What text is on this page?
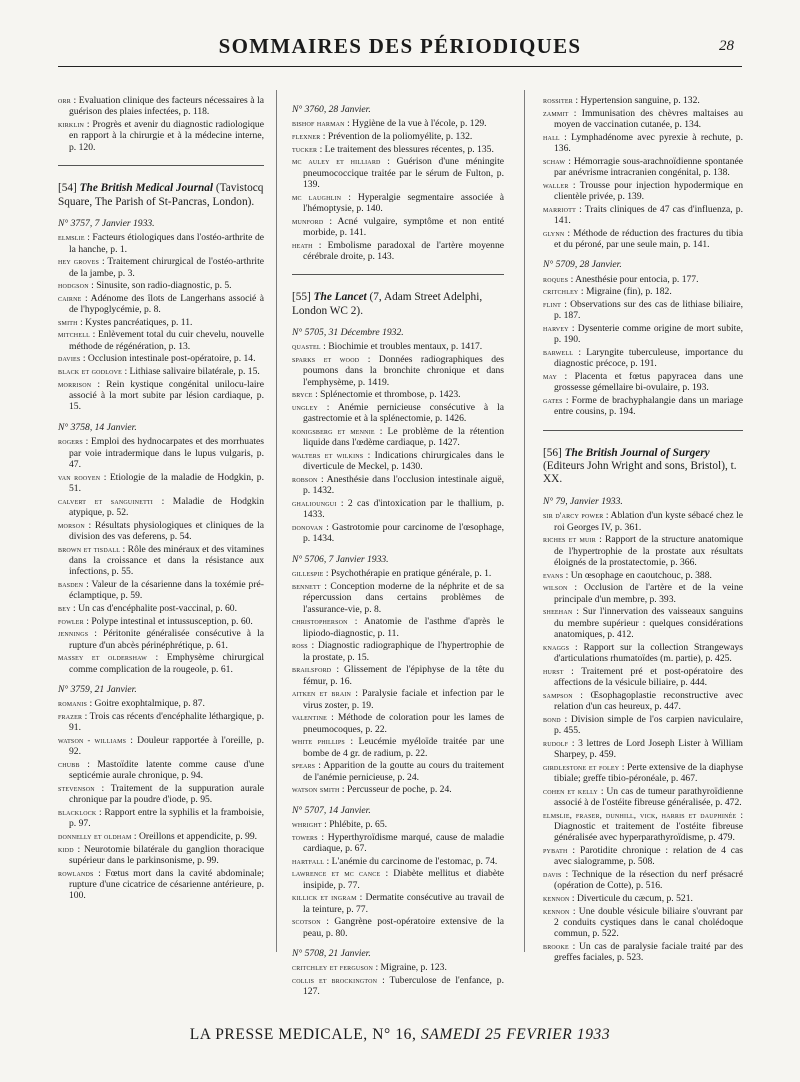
SOMMAIRES DES PÉRIODIQUES	28
orr : Evaluation clinique des facteurs nécessaires à la guérison des plaies infectées, p. 118.
kirklin : Progrès et avenir du diagnostic radiologique en rapport à la chirurgie et à la médecine interne, p. 120.
[54] The British Medical Journal (Tavistocq Square, The Parish of St-Pancras, London).
N° 3757, 7 Janvier 1933.
elmslie : Facteurs étiologiques dans l'ostéo-arthrite de la hanche, p. 1.
hey groves : Traitement chirurgical de l'ostéo-arthrite de la jambe, p. 3.
hodgson : Sinusite, son radio-diagnostic, p. 5.
cairne : Adénome des îlots de Langerhans associé à de l'hypoglycémie, p. 8.
smith : Kystes pancréatiques, p. 11.
mitchell : Enlèvement total du cuir chevelu, nouvelle méthode de régénération, p. 13.
davies : Occlusion intestinale post-opératoire, p. 14.
black et godlove : Lithiase salivaire bilatérale, p. 15.
morrison : Rein kystique congénital unilocu-laire associé à la mort subite par lésion cardiaque, p. 15.
N° 3758, 14 Janvier.
rogers : Emploi des hydnocarpates et des morrhuates par voie intradermique dans le lupus vulgaris, p. 47.
van rooyen : Etiologie de la maladie de Hodgkin, p. 51.
calvert et sanguinetti : Maladie de Hodgkin atypique, p. 52.
morson : Résultats physiologiques et cliniques de la division des vas deferens, p. 54.
brown et tisdall : Rôle des minéraux et des vitamines dans la croissance et dans la résistance aux infections, p. 55.
basden : Valeur de la césarienne dans la toxémie pré-éclamptique, p. 59.
bey : Un cas d'encéphalite post-vaccinal, p. 60.
fowler : Polype intestinal et intussusception, p. 60.
jennings : Péritonite généralisée consécutive à la rupture d'un abcès périnéphrétique, p. 61.
massey et oldershaw : Emphysème chirurgical comme complication de la rougeole, p. 61.
N° 3759, 21 Janvier.
romanis : Goitre exophtalmique, p. 87.
frazer : Trois cas récents d'encéphalite léthargique, p. 91.
watson - williams : Douleur rapportée à l'oreille, p. 92.
chubb : Mastoïdite latente comme cause d'une septicémie aurale chronique, p. 94.
stevenson : Traitement de la suppuration aurale chronique par la poudre d'iode, p. 95.
blacklock : Rapport entre la syphilis et la framboisie, p. 97.
donnelly et oldham : Oreillons et appendicite, p. 99.
kidd : Neurotomie bilatérale du ganglion thoracique supérieur dans le parkinsonisme, p. 99.
rowlands : Fœtus mort dans la cavité abdominale; rupture d'une cicatrice de césarienne antérieure, p. 100.
N° 3760, 28 Janvier.
bishof harman : Hygiène de la vue à l'école, p. 129.
flexner : Prévention de la poliomyélite, p. 132.
tucker : Le traitement des blessures récentes, p. 135.
mc auley et hilliard : Guérison d'une méningite pneumococcique traitée par le sérum de Fulton, p. 139.
mc laughlin : Hyperalgie segmentaire associée à l'hémoptysie, p. 140.
munford : Acné vulgaire, symptôme et non entité morbide, p. 141.
heath : Embolisme paradoxal de l'artère moyenne cérébrale droite, p. 143.
[55] The Lancet (7, Adam Street Adelphi, London WC 2).
N° 5705, 31 Décembre 1932.
quastel : Biochimie et troubles mentaux, p. 1417.
sparks et wood : Données radiographiques des poumons dans la bronchite chronique et dans l'emphysème, p. 1419.
bryce : Splénectomie et thrombose, p. 1423.
ungley : Anémie pernicieuse consécutive à la gastrectomie et à la splénectomie, p. 1426.
konigsberg et mennie : Le problème de la rétention liquide dans l'œdème cardiaque, p. 1427.
walters et wilkins : Indications chirurgicales dans le diverticule de Meckel, p. 1430.
robson : Anesthésie dans l'occlusion intestinale aiguë, p. 1432.
ghalioungui : 2 cas d'intoxication par le thallium, p. 1433.
donovan : Gastrotomie pour carcinome de l'œsophage, p. 1434.
N° 5706, 7 Janvier 1933.
gillespie : Psychothérapie en pratique générale, p. 1.
bennett : Conception moderne de la néphrite et de sa répercussion dans certains problèmes de l'assurance-vie, p. 8.
christopherson : Anatomie de l'asthme d'après le lipiodo-diagnostic, p. 11.
ross : Diagnostic radiographique de l'hypertrophie de la prostate, p. 15.
brailsford : Glissement de l'épiphyse de la tête du fémur, p. 16.
aitken et brain : Paralysie faciale et infection par le virus zoster, p. 19.
valentine : Méthode de coloration pour les lames de pneumocoques, p. 22.
white phillips : Leucémie myéloïde traitée par une bombe de 4 gr. de radium, p. 22.
spears : Apparition de la goutte au cours du traitement de l'anémie pernicieuse, p. 24.
watson smith : Percusseur de poche, p. 24.
N° 5707, 14 Janvier.
whright : Phlébite, p. 65.
towers : Hyperthyroïdisme marqué, cause de maladie cardiaque, p. 67.
hartfall : L'anémie du carcinome de l'estomac, p. 74.
lawrence et mc cance : Diabète mellitus et diabète insipide, p. 77.
killick et ingram : Dermatite consécutive au travail de la teinture, p. 77.
scotson : Gangrène post-opératoire extensive de la peau, p. 80.
N° 5708, 21 Janvier.
critchley et ferguson : Migraine, p. 123.
collis et brockington : Tuberculose de l'enfance, p. 127.
rossiter : Hypertension sanguine, p. 132.
zammit : Immunisation des chèvres maltaises au moyen de vaccination cutanée, p. 134.
hall : Lymphadénome avec pyrexie à rechute, p. 136.
schaw : Hémorragie sous-arachnoïdienne spontanée par anévrisme intracranien congénital, p. 138.
waller : Trousse pour injection hypodermique en clientèle privée, p. 139.
marriott : Traits cliniques de 47 cas d'influenza, p. 141.
glynn : Méthode de réduction des fractures du tibia et du péroné, par une seule main, p. 141.
N° 5709, 28 Janvier.
roques : Anesthésie pour entocia, p. 177.
critchley : Migraine (fin), p. 182.
flint : Observations sur des cas de lithiase biliaire, p. 187.
harvey : Dysenterie comme origine de mort subite, p. 190.
barwell : Laryngite tuberculeuse, importance du diagnostic précoce, p. 191.
may : Placenta et fœtus papyracea dans une grossesse gémellaire bi-ovulaire, p. 193.
gates : Forme de brachyphalangie dans un mariage entre cousins, p. 194.
[56] The British Journal of Surgery (Editeurs John Wright and sons, Bristol), t. XX.
N° 79, Janvier 1933.
sir d'arcy power : Ablation d'un kyste sébacé chez le roi Georges IV, p. 361.
riches et muir : Rapport de la structure anatomique de l'hypertrophie de la prostate aux résultats éloignés de la prostatectomie, p. 366.
evans : Un œsophage en caoutchouc, p. 388.
wilson : Occlusion de l'artère et de la veine principale d'un membre, p. 393.
sheehan : Sur l'innervation des vaisseaux sanguins du membre supérieur : quelques considérations anatomiques, p. 412.
knaggs : Rapport sur la collection Strangeways d'articulations rhumatoïdes (m. partie), p. 425.
hurst : Traitement pré et post-opératoire des affections de la vésicule biliaire, p. 444.
sampson : Œsophagoplastie reconstructive avec relation d'un cas heureux, p. 447.
bond : Division simple de l'os carpien naviculaire, p. 455.
rudolf : 3 lettres de Lord Joseph Lister à William Sharpey, p. 459.
girdlestone et foley : Perte extensive de la diaphyse tibiale; greffe tibio-péronéale, p. 467.
cohen et kelly : Un cas de tumeur parathyroïdienne associé à de l'ostéite fibreuse généralisée, p. 472.
elmslie, fraser, dunhill, vick, harris et dauphinée : Diagnostic et traitement de l'ostéite fibreuse généralisée avec hyperparathyroïdisme, p. 479.
pybath : Parotidite chronique : relation de 4 cas avec sialogramme, p. 508.
davis : Technique de la résection du nerf présacré (opération de Cotte), p. 516.
kennon : Diverticule du cæcum, p. 521.
kennon : Une double vésicule biliaire s'ouvrant par 2 conduits cystiques dans le canal cholédoque commun, p. 522.
brooke : Un cas de paralysie faciale traité par des greffes faciales, p. 523.
LA PRESSE MEDICALE, N° 16, SAMEDI 25 FEVRIER 1933
